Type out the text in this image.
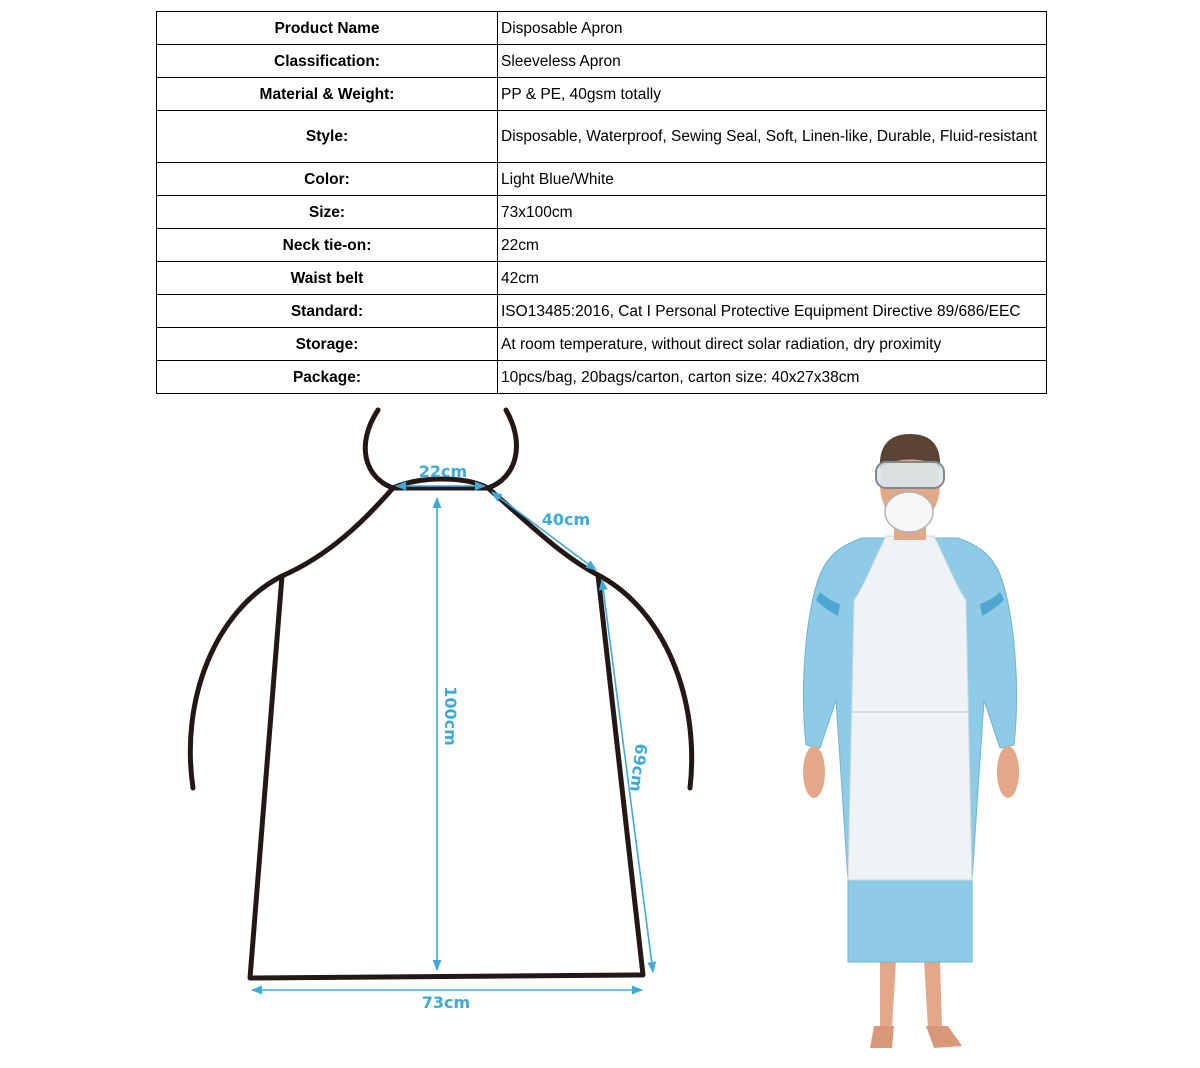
Product Name	Disposable Apron
Classification:	Sleeveless Apron
Material & Weight:	PP & PE, 40gsm totally
Style:	Disposable, Waterproof, Sewing Seal, Soft, Linen-like, Durable, Fluid-resistant
Color:	Light Blue/White
Size:	73x100cm
Neck tie-on:	22cm
Waist belt	42cm
Standard:	ISO13485:2016, Cat I Personal Protective Equipment Directive 89/686/EEC
Storage:	At room temperature, without direct solar radiation, dry proximity
Package:	10pcs/bag, 20bags/carton, carton size: 40x27x38cm
22cm
40cm
100cm
69cm
73cm
